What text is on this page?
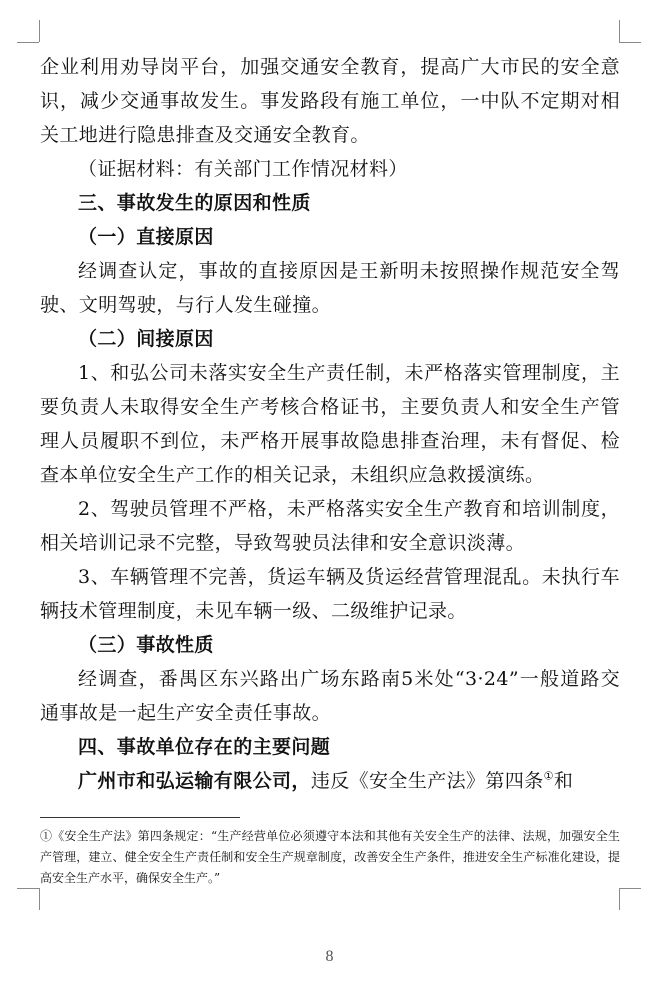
企业利用劝导岗平台，加强交通安全教育，提高广大市民的安全意识，减少交通事故发生。事发路段有施工单位，一中队不定期对相关工地进行隐患排查及交通安全教育。

（证据材料：有关部门工作情况材料）

三、事故发生的原因和性质

（一）直接原因

经调查认定，事故的直接原因是王新明未按照操作规范安全驾驶、文明驾驶，与行人发生碰撞。

（二）间接原因

1、和弘公司未落实安全生产责任制，未严格落实管理制度，主要负责人未取得安全生产考核合格证书，主要负责人和安全生产管理人员履职不到位，未严格开展事故隐患排查治理，未有督促、检查本单位安全生产工作的相关记录，未组织应急救援演练。

2、驾驶员管理不严格，未严格落实安全生产教育和培训制度，相关培训记录不完整，导致驾驶员法律和安全意识淡薄。

3、车辆管理不完善，货运车辆及货运经营管理混乱。未执行车辆技术管理制度，未见车辆一级、二级维护记录。

（三）事故性质

经调查，番禺区东兴路出广场东路南5米处“3·24”一般道路交通事故是一起生产安全责任事故。

四、事故单位存在的主要问题

广州市和弘运输有限公司，违反《安全生产法》第四条①和

①《安全生产法》第四条规定：“生产经营单位必须遵守本法和其他有关安全生产的法律、法规，加强安全生产管理，建立、健全安全生产责任制和安全生产规章制度，改善安全生产条件，推进安全生产标准化建设，提高安全生产水平，确保安全生产。”
8
